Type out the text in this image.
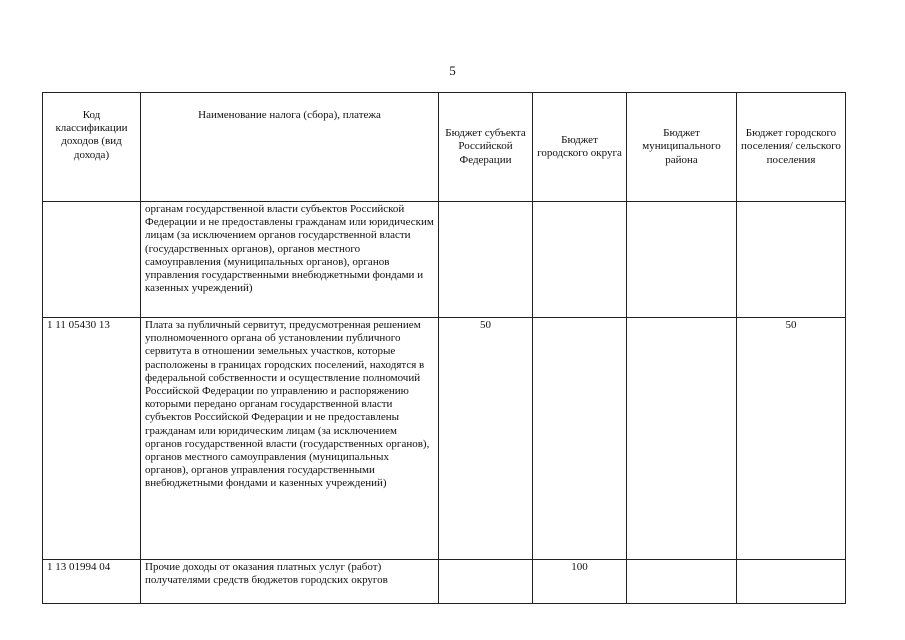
5
Код классификации доходов (вид дохода)	Наименование налога (сбора), платежа	Бюджет субъекта Российской Федерации	Бюджет городского округа	Бюджет муниципального района	Бюджет городского поселения/ сельского поселения
	органам государственной власти субъектов Российской Федерации и не предоставлены гражданам или юридическим лицам (за исключением органов государственной власти (государственных органов), органов местного самоуправления (муниципальных органов), органов управления государственными внебюджетными фондами и казенных учреждений)				
1 11 05430 13	Плата за публичный сервитут, предусмотренная решением уполномоченного органа об установлении публичного сервитута в отношении земельных участков, которые расположены в границах городских поселений, находятся в федеральной собственности и осуществление полномочий Российской Федерации по управлению и распоряжению которыми передано органам государственной власти субъектов Российской Федерации и не предоставлены гражданам или юридическим лицам (за исключением органов государственной власти (государственных органов), органов местного самоуправления (муниципальных органов), органов управления государственными внебюджетными фондами и казенных учреждений)	50			50
1 13 01994 04	Прочие доходы от оказания платных услуг (работ) получателями средств бюджетов городских округов		100		
